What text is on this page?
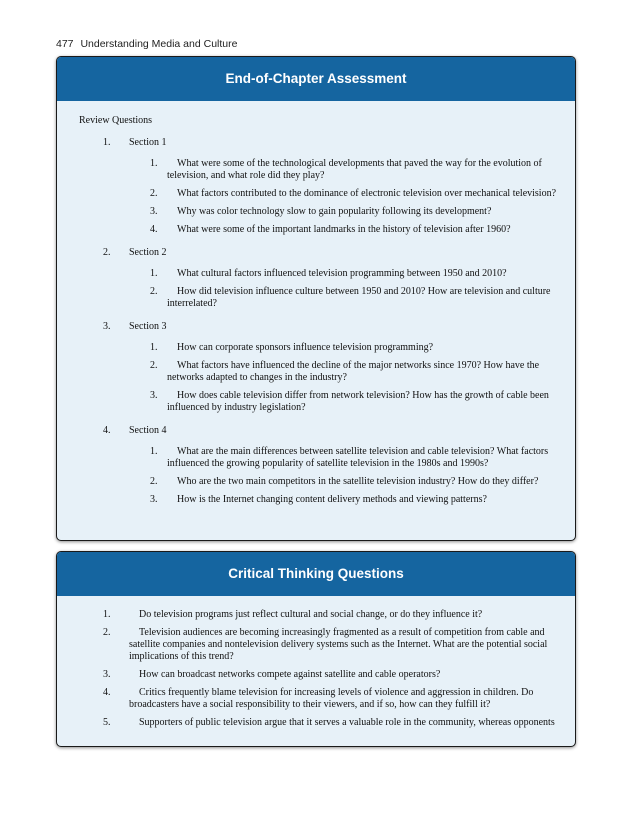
477 Understanding Media and Culture
End-of-Chapter Assessment
Review Questions
1. Section 1
1. What were some of the technological developments that paved the way for the evolution of television, and what role did they play?
2. What factors contributed to the dominance of electronic television over mechanical television?
3. Why was color technology slow to gain popularity following its development?
4. What were some of the important landmarks in the history of television after 1960?
2. Section 2
1. What cultural factors influenced television programming between 1950 and 2010?
2. How did television influence culture between 1950 and 2010? How are television and culture interrelated?
3. Section 3
1. How can corporate sponsors influence television programming?
2. What factors have influenced the decline of the major networks since 1970? How have the networks adapted to changes in the industry?
3. How does cable television differ from network television? How has the growth of cable been influenced by industry legislation?
4. Section 4
1. What are the main differences between satellite television and cable television? What factors influenced the growing popularity of satellite television in the 1980s and 1990s?
2. Who are the two main competitors in the satellite television industry? How do they differ?
3. How is the Internet changing content delivery methods and viewing patterns?
Critical Thinking Questions
1.	Do television programs just reflect cultural and social change, or do they influence it?
2.	Television audiences are becoming increasingly fragmented as a result of competition from cable and satellite companies and nontelevision delivery systems such as the Internet. What are the potential social implications of this trend?
3.	How can broadcast networks compete against satellite and cable operators?
4.	Critics frequently blame television for increasing levels of violence and aggression in children. Do broadcasters have a social responsibility to their viewers, and if so, how can they fulfill it?
5.	Supporters of public television argue that it serves a valuable role in the community, whereas opponents
